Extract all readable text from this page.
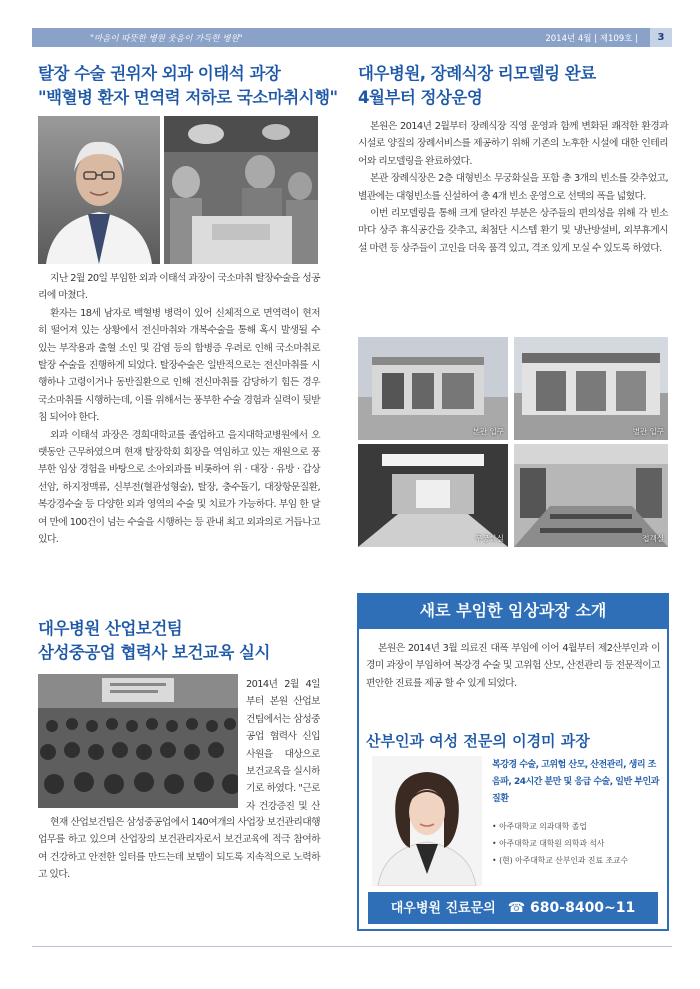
"마음이 따뜻한 병원 웃음이 가득한 병원"	2014년 4월 | 제109호 |	3
탈장 수술 권위자 외과 이태석 과장
"백혈병 환자 면역력 저하로 국소마취시행"

지난 2월 20일 부임한 외과 이태석 과장이 국소마취 탈장수술을 성공리에 마쳤다.

환자는 18세 남자로 백혈병 병력이 있어 신체적으로 면역력이 현저히 떨어져 있는 상황에서 전신마취와 개복수술을 통해 혹시 발생될 수 있는 부작용과 출혈 소인 및 감염 등의 합병증 우려로 인해 국소마취로 탈장 수술을 진행하게 되었다. 탈장수술은 일반적으로는 전신마취를 시행하나 고령이거나 동반질환으로 인해 전신마취를 감당하기 힘든 경우 국소마취를 시행하는데, 이를 위해서는 풍부한 수술 경험과 실력이 뒷받침 되어야 한다.

외과 이태석 과장은 경희대학교를 졸업하고 을지대학교병원에서 오랫동안 근무하였으며 현재 탈장학회 회장을 역임하고 있는 재원으로 풍부한 임상 경험을 바탕으로 소아외과를 비롯하여 위 · 대장 · 유방 · 갑상선암, 하지정맥류, 신부전(혈관성형술), 탈장, 충수돌기, 대장항문질환, 복강경수술 등 다양한 외과 영역의 수술 및 치료가 가능하다. 부임 한 달여 만에 100건이 넘는 수술을 시행하는 등 관내 최고 외과의로 거듭나고 있다.

대우병원, 장례식장 리모델링 완료
4월부터 정상운영

본원은 2014년 2월부터 장례식장 직영 운영과 함께 변화된 쾌적한 환경과 시설로 양질의 장례서비스를 제공하기 위해 기존의 노후한 시설에 대한 인테리어와 리모델링을 완료하였다.

본관 장례식장은 2층 대형빈소 무궁화실을 포함 총 3개의 빈소를 갖추었고, 별관에는 대형빈소를 신설하여 총 4개 빈소 운영으로 선택의 폭을 넓혔다.

이번 리모델링을 통해 크게 달라진 부분은 상주들의 편의성을 위해 각 빈소마다 상주 휴식공간을 갖추고, 최첨단 시스템 환기 및 냉난방설비, 외부휴게시설 마련 등 상주들이 고인을 더욱 품격 있고, 격조 있게 모실 수 있도록 하였다.

본관 입구	별관 입구
무궁화실	접객실
대우병원 산업보건팀
삼성중공업 협력사 보건교육 실시

2014년 2월 4일부터 본원 산업보건팀에서는 삼성중공업 협력사 신입사원을 대상으로 보건교육을 실시하기로 하였다. "근로자 건강증진 및 산

현재 산업보건팀은 삼성중공업에서 140여개의 사업장 보건관리대행 업무를 하고 있으며 산업장의 보건관리자로서 보건교육에 적극 참여하여 건강하고 안전한 일터를 만드는데 보탬이 되도록 지속적으로 노력하고 있다.

새로 부임한 임상과장 소개

본원은 2014년 3월 의료진 대폭 부임에 이어 4월부터 제2산부인과 이경미 과장이 부임하여 복강경 수술 및 고위험 산모, 산전관리 등 전문적이고 편안한 진료를 제공 할 수 있게 되었다.

산부인과 여성 전문의 이경미 과장
복강경 수술, 고위험 산모, 산전관리, 생리 조음파, 24시간 분만 및 응급 수술, 일반 부인과 질환
• 아주대학교 의과대학 졸업
• 아주대학교 대학원 의학과 석사
• (현) 아주대학교 산부인과 진료 조교수
대우병원 진료문의 ☎ 680-8400~11
